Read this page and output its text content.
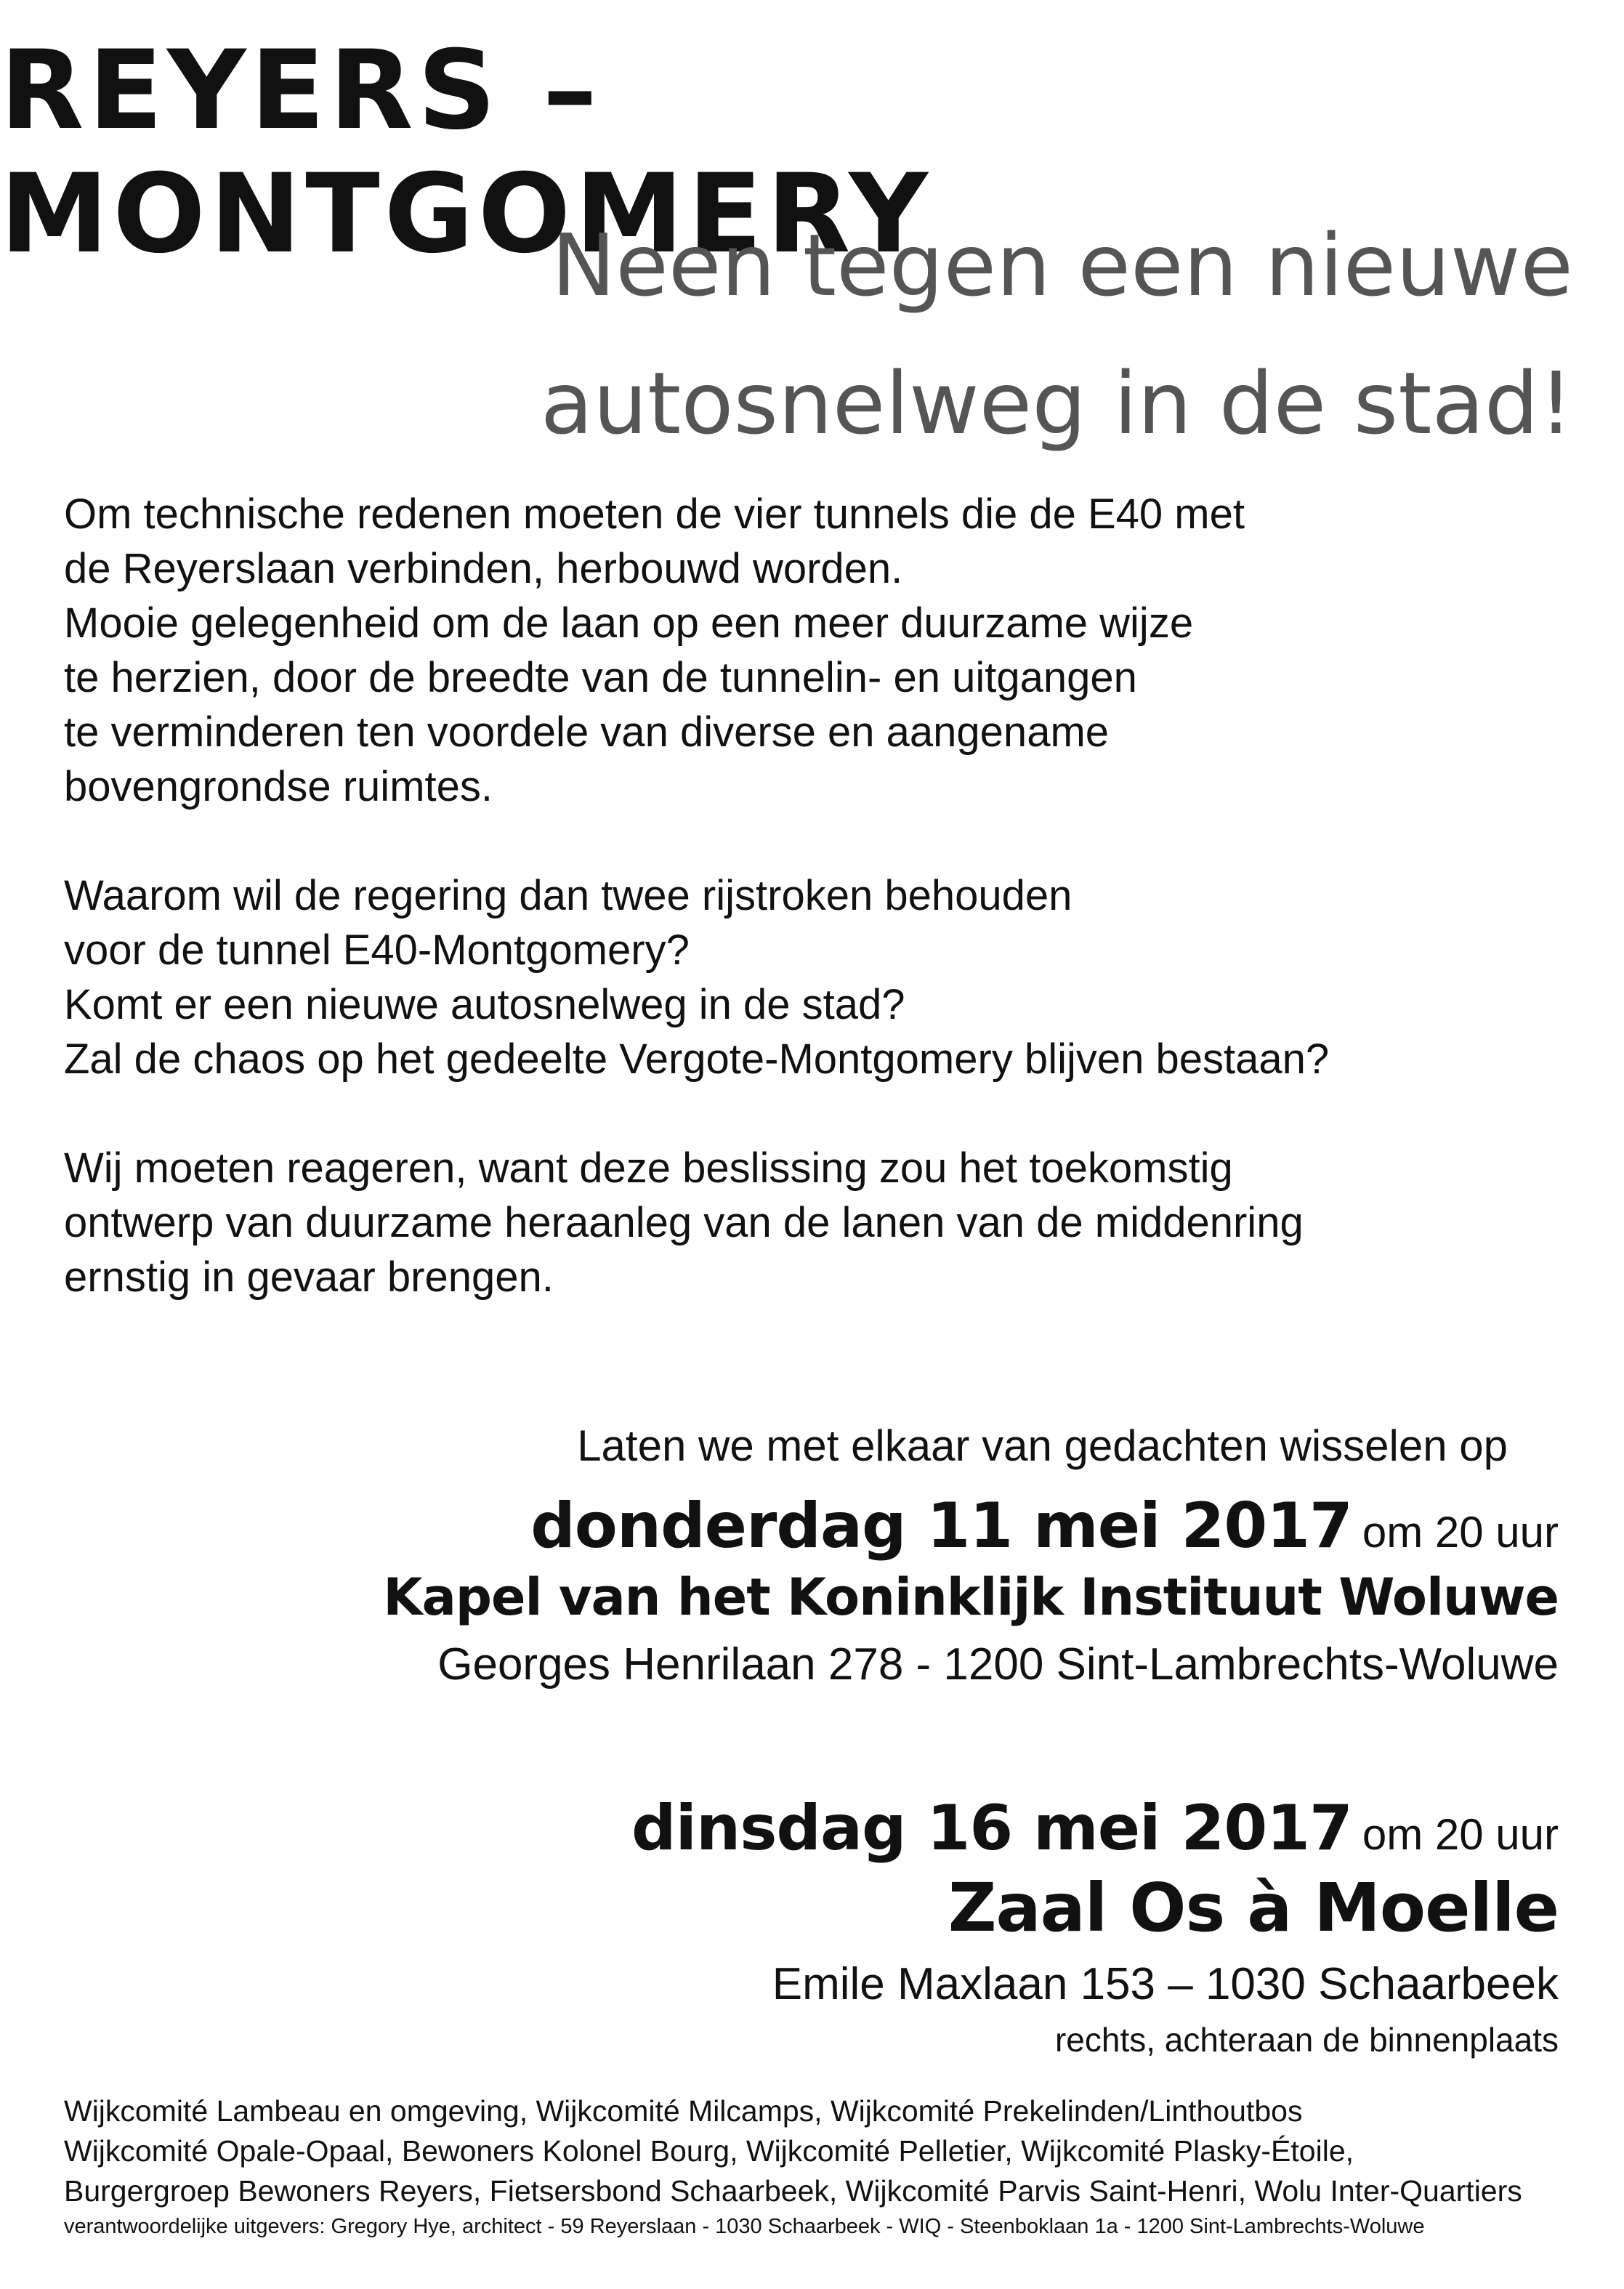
REYERS – MONTGOMERY
Neen tegen een nieuwe
autosnelweg in de stad!
Om technische redenen moeten de vier tunnels die de E40 met
de Reyerslaan verbinden, herbouwd worden.
Mooie gelegenheid om de laan op een meer duurzame wijze
te herzien, door de breedte van de tunnelin- en uitgangen
te verminderen ten voordele van diverse en aangename
bovengrondse ruimtes.
Waarom wil de regering dan twee rijstroken behouden
voor de tunnel E40-Montgomery?
Komt er een nieuwe autosnelweg in de stad?
Zal de chaos op het gedeelte Vergote-Montgomery blijven bestaan?
Wij moeten reageren, want deze beslissing zou het toekomstig
ontwerp van duurzame heraanleg van de lanen van de middenring
ernstig in gevaar brengen.
Laten we met elkaar van gedachten wisselen op
donderdag 11 mei 2017 om 20 uur
Kapel van het Koninklijk Instituut Woluwe
Georges Henrilaan 278 - 1200 Sint-Lambrechts-Woluwe
dinsdag 16 mei 2017 om 20 uur
Zaal Os à Moelle
Emile Maxlaan 153 – 1030 Schaarbeek
rechts, achteraan de binnenplaats
Wijkcomité Lambeau en omgeving, Wijkcomité Milcamps, Wijkcomité Prekelinden/Linthoutbos
Wijkcomité Opale-Opaal, Bewoners Kolonel Bourg, Wijkcomité Pelletier, Wijkcomité Plasky-Étoile,
Burgergroep Bewoners Reyers, Fietsersbond Schaarbeek, Wijkcomité Parvis Saint-Henri, Wolu Inter-Quartiers
verantwoordelijke uitgevers: Gregory Hye, architect - 59 Reyerslaan - 1030 Schaarbeek - WIQ - Steenboklaan 1a - 1200 Sint-Lambrechts-Woluwe
